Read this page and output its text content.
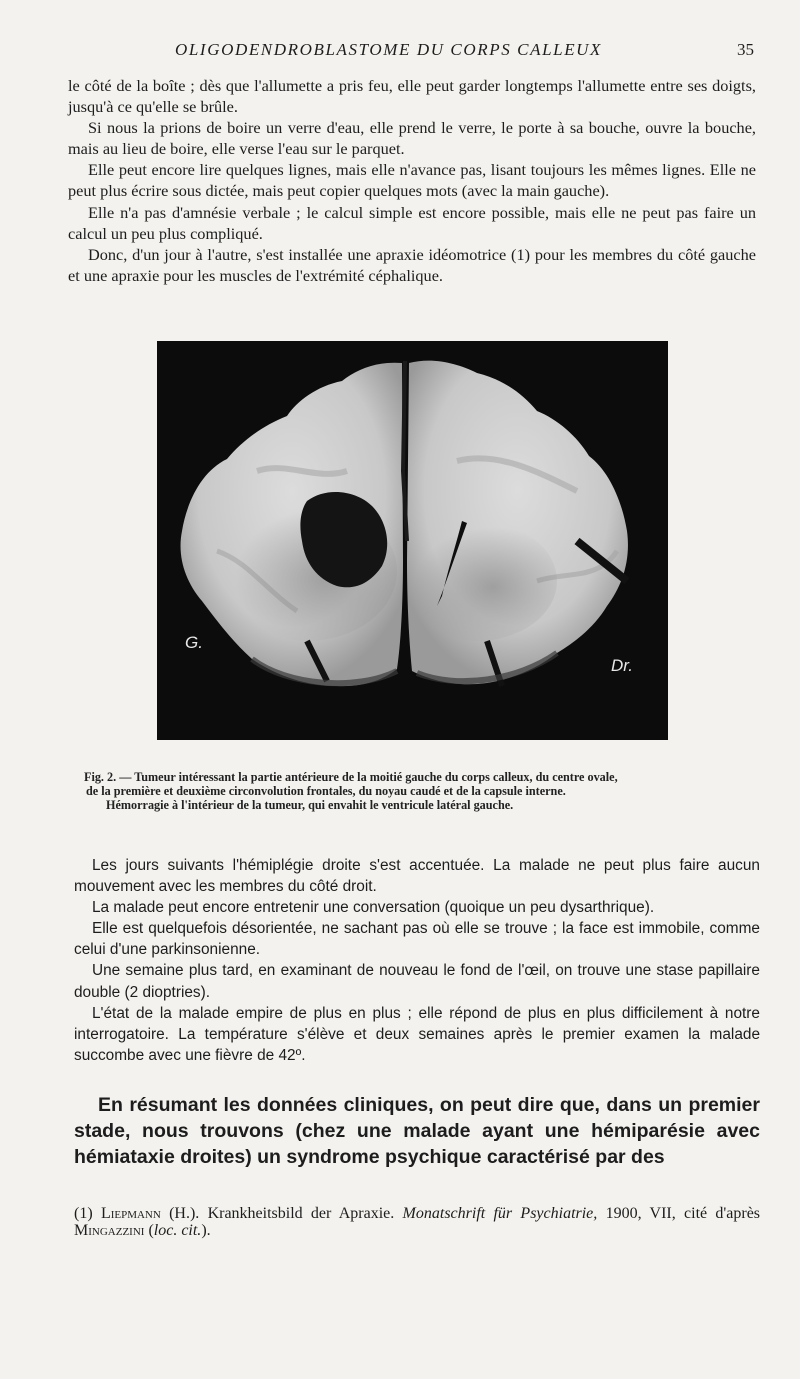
OLIGODENDROBLASTOME DU CORPS CALLEUX	35

le côté de la boîte ; dès que l'allumette a pris feu, elle peut garder longtemps l'allumette entre ses doigts, jusqu'à ce qu'elle se brûle.

Si nous la prions de boire un verre d'eau, elle prend le verre, le porte à sa bouche, ouvre la bouche, mais au lieu de boire, elle verse l'eau sur le parquet.

Elle peut encore lire quelques lignes, mais elle n'avance pas, lisant toujours les mêmes lignes. Elle ne peut plus écrire sous dictée, mais peut copier quelques mots (avec la main gauche).

Elle n'a pas d'amnésie verbale ; le calcul simple est encore possible, mais elle ne peut pas faire un calcul un peu plus compliqué.

Donc, d'un jour à l'autre, s'est installée une apraxie idéomotrice (1) pour les membres du côté gauche et une apraxie pour les muscles de l'extrémité céphalique.

G.
Dr.
Fig. 2. — Tumeur intéressant la partie antérieure de la moitié gauche du corps calleux, du centre ovale,
de la première et deuxième circonvolution frontales, du noyau caudé et de la capsule interne.
Hémorragie à l'intérieur de la tumeur, qui envahit le ventricule latéral gauche.

Les jours suivants l'hémiplégie droite s'est accentuée. La malade ne peut plus faire aucun mouvement avec les membres du côté droit.

La malade peut encore entretenir une conversation (quoique un peu dysarthrique).

Elle est quelquefois désorientée, ne sachant pas où elle se trouve ; la face est immobile, comme celui d'une parkinsonienne.

Une semaine plus tard, en examinant de nouveau le fond de l'œil, on trouve une stase papillaire double (2 dioptries).

L'état de la malade empire de plus en plus ; elle répond de plus en plus difficilement à notre interrogatoire. La température s'élève et deux semaines après le premier examen la malade succombe avec une fièvre de 42º.

En résumant les données cliniques, on peut dire que, dans un premier stade, nous trouvons (chez une malade ayant une hémiparésie avec hémiataxie droites) un syndrome psychique caractérisé par des
(1) Liepmann (H.). Krankheitsbild der Apraxie. Monatschrift für Psychiatrie, 1900, VII, cité d'après Mingazzini (loc. cit.).
